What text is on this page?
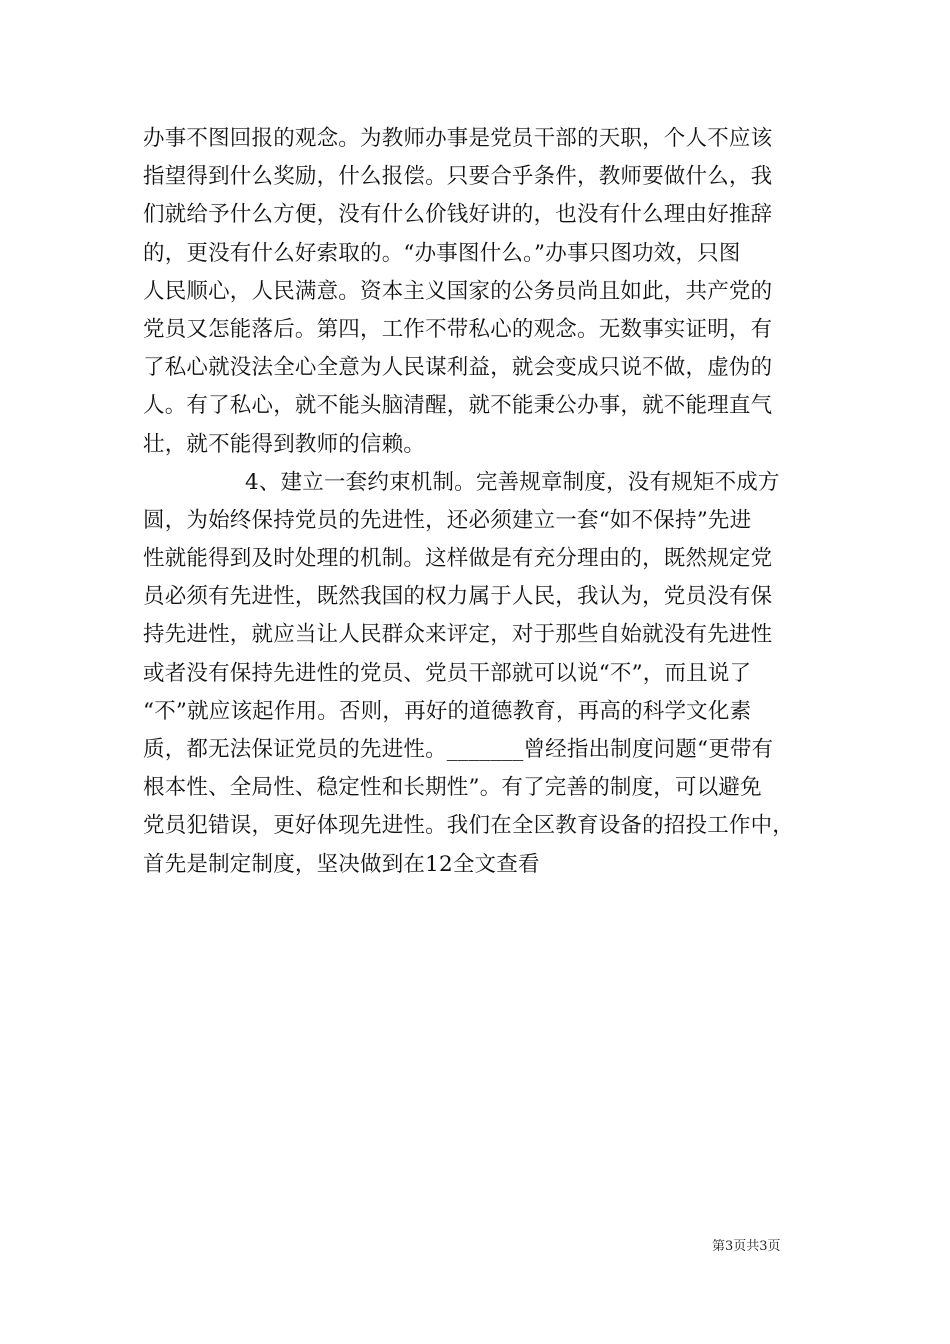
办事不图回报的观念。为教师办事是党员干部的天职，个人不应该
指望得到什么奖励，什么报偿。只要合乎条件，教师要做什么，我
们就给予什么方便，没有什么价钱好讲的，也没有什么理由好推辞
的，更没有什么好索取的。“办事图什么。”办事只图功效，只图
人民顺心，人民满意。资本主义国家的公务员尚且如此，共产党的
党员又怎能落后。第四，工作不带私心的观念。无数事实证明，有
了私心就没法全心全意为人民谋利益，就会变成只说不做，虚伪的
人。有了私心，就不能头脑清醒，就不能秉公办事，就不能理直气
壮，就不能得到教师的信赖。
4、建立一套约束机制。完善规章制度，没有规矩不成方
圆，为始终保持党员的先进性，还必须建立一套“如不保持”先进
性就能得到及时处理的机制。这样做是有充分理由的，既然规定党
员必须有先进性，既然我国的权力属于人民，我认为，党员没有保
持先进性，就应当让人民群众来评定，对于那些自始就没有先进性
或者没有保持先进性的党员、党员干部就可以说“不”，而且说了
“不”就应该起作用。否则，再好的道德教育，再高的科学文化素
质，都无法保证党员的先进性。_______曾经指出制度问题“更带有
根本性、全局性、稳定性和长期性”。有了完善的制度，可以避免
党员犯错误，更好体现先进性。我们在全区教育设备的招投工作中，
首先是制定制度，坚决做到在12全文查看
第3页共3页
